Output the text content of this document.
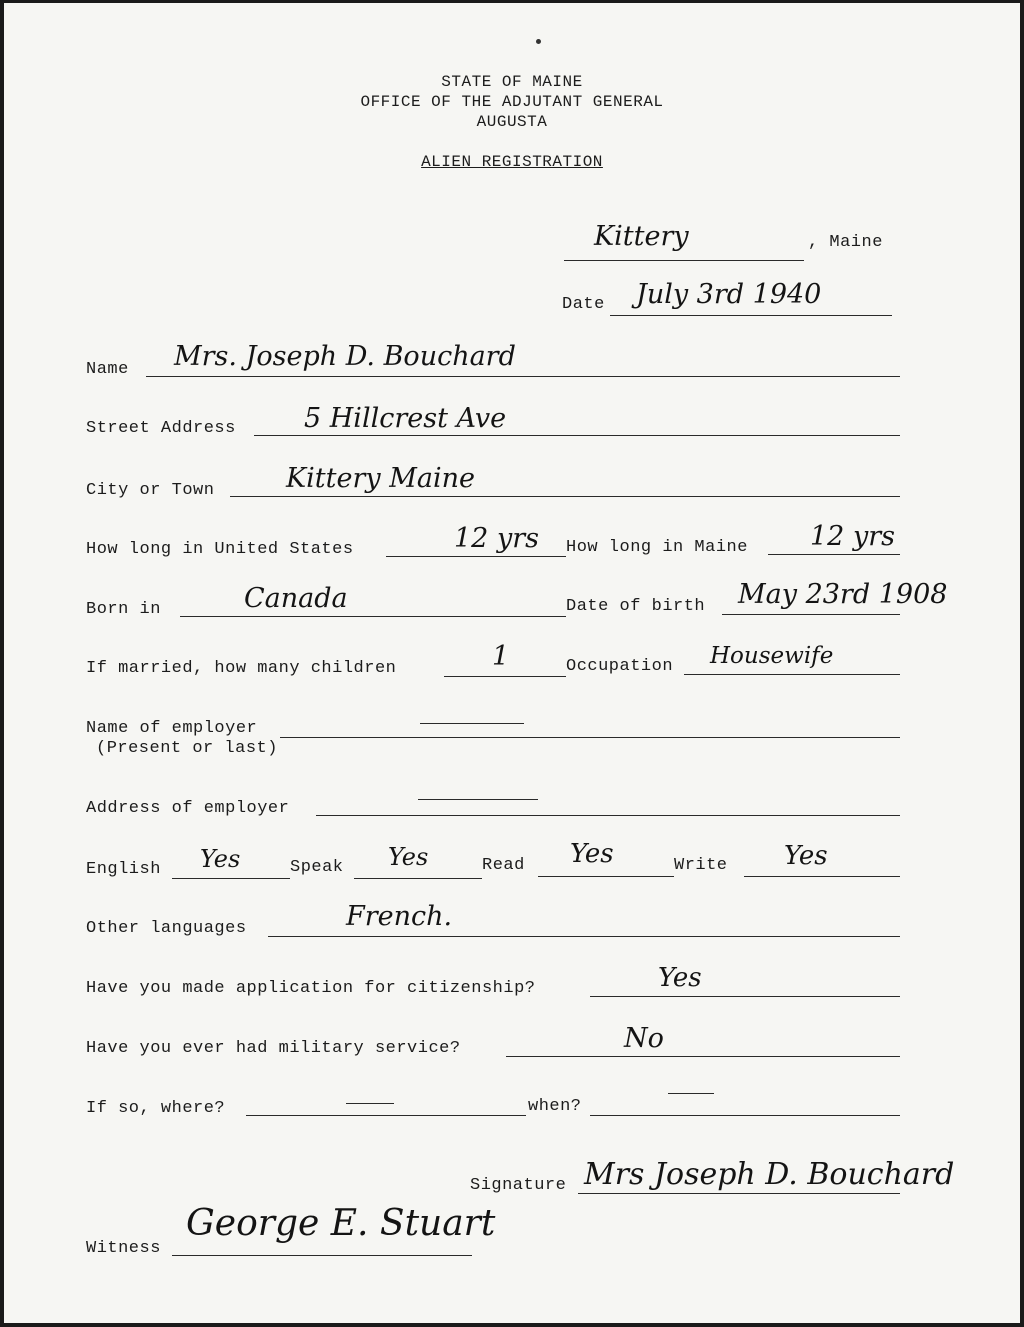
STATE OF MAINE
OFFICE OF THE ADJUTANT GENERAL
AUGUSTA
ALIEN REGISTRATION
Kittery	, Maine
Date July 3rd 1940
Name Mrs. Joseph D. Bouchard
Street Address	5 Hillcrest Ave
City or Town	Kittery Maine
How long in United States	12 yrs How long in Maine 12 yrs
Born in	Canada	Date of birth May 23rd 1908
If married, how many children	1	Occupation Housewife
Name of employer
(Present or last)
Address of employer
English Yes	Speak Yes	Read Yes	Write Yes
Other languages	French.
Have you made application for citizenship?	Yes
Have you ever had military service?	No
If so, where?	when?
Signature Mrs Joseph D. Bouchard
Witness
George E. Stuart
